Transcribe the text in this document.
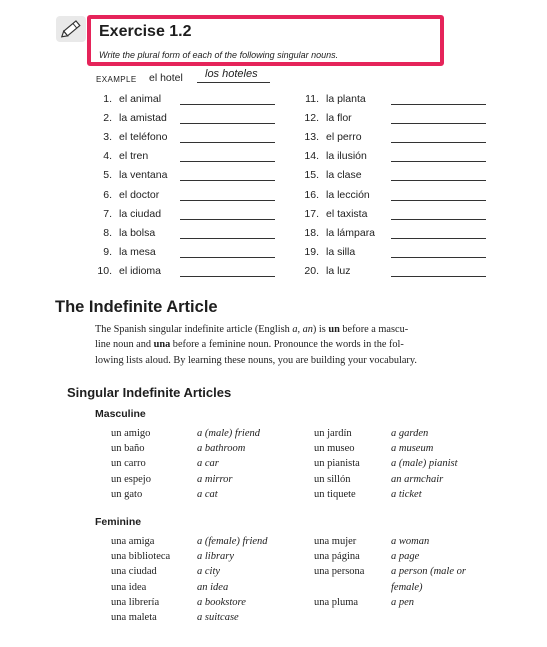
Exercise 1.2
Write the plural form of each of the following singular nouns.
EXAMPLE el hotel los hoteles
1. el animal
2. la amistad
3. el teléfono
4. el tren
5. la ventana
6. el doctor
7. la ciudad
8. la bolsa
9. la mesa
10. el idioma
11. la planta
12. la flor
13. el perro
14. la ilusión
15. la clase
16. la lección
17. el taxista
18. la lámpara
19. la silla
20. la luz
The Indefinite Article
The Spanish singular indefinite article (English a, an) is un before a mascu-
line noun and una before a feminine noun. Pronounce the words in the fol-
lowing lists aloud. By learning these nouns, you are building your vocabulary.
Singular Indefinite Articles
Masculine
Feminine
un amigo	a (male) friend	un jardín	a garden
un baño	a bathroom	un museo	a museum
un carro	a car	un pianista	a (male) pianist
un espejo	a mirror	un sillón	an armchair
un gato	a cat	un tiquete	a ticket
una amiga	a (female) friend	una mujer	a woman
una biblioteca	a library	una página	a page
una ciudad	a city	una persona	a person (male or
una idea	an idea	female)
una librería	a bookstore	una pluma	a pen
una maleta	a suitcase
